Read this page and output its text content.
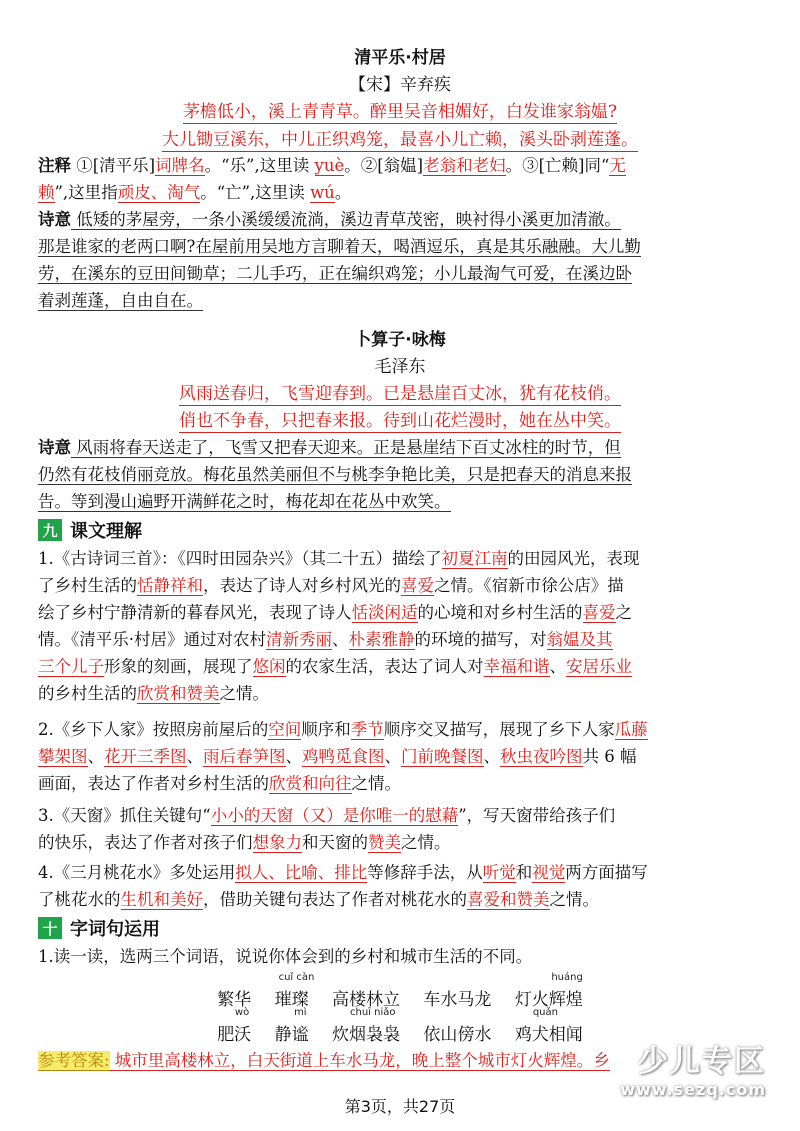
清平乐·村居
【宋】辛弃疾
茅檐低小，溪上青青草。醉里吴音相媚好，白发谁家翁媪?
大儿锄豆溪东，中儿正织鸡笼，最喜小儿亡赖，溪头卧剥莲蓬。
注释 ①[清平乐]词牌名。“乐”,这里读 yuè。②[翁媪]老翁和老妇。③[亡赖]同“无
赖”,这里指顽皮、淘气。“亡”,这里读 wú。
诗意 低矮的茅屋旁，一条小溪缓缓流淌，溪边青草茂密，映衬得小溪更加清澈。
那是谁家的老两口啊?在屋前用吴地方言聊着天，喝酒逗乐，真是其乐融融。大儿勤
劳，在溪东的豆田间锄草；二儿手巧，正在编织鸡笼；小儿最淘气可爱，在溪边卧
着剥莲蓬，自由自在。
卜算子·咏梅
毛泽东
风雨送春归，飞雪迎春到。已是悬崖百丈冰，犹有花枝俏。
俏也不争春，只把春来报。待到山花烂漫时，她在丛中笑。
诗意 风雨将春天送走了，飞雪又把春天迎来。正是悬崖结下百丈冰柱的时节，但
仍然有花枝俏丽竞放。梅花虽然美丽但不与桃李争艳比美，只是把春天的消息来报
告。等到漫山遍野开满鲜花之时，梅花却在花丛中欢笑。
九 课文理解
1.《古诗词三首》：《四时田园杂兴》（其二十五）描绘了初夏江南的田园风光，表现
了乡村生活的恬静祥和，表达了诗人对乡村风光的喜爱之情。《宿新市徐公店》描
绘了乡村宁静清新的暮春风光，表现了诗人恬淡闲适的心境和对乡村生活的喜爱之
情。《清平乐·村居》通过对农村清新秀丽、朴素雅静的环境的描写，对翁媪及其
三个儿子形象的刻画，展现了悠闲的农家生活，表达了词人对幸福和谐、安居乐业
的乡村生活的欣赏和赞美之情。
2.《乡下人家》按照房前屋后的空间顺序和季节顺序交叉描写，展现了乡下人家瓜藤
攀架图、花开三季图、雨后春笋图、鸡鸭觅食图、门前晚餐图、秋虫夜吟图共 6 幅
画面，表达了作者对乡村生活的欣赏和向往之情。
3.《天窗》抓住关键句“小小的天窗（又）是你唯一的慰藉”，写天窗带给孩子们
的快乐，表达了作者对孩子们想象力和天窗的赞美之情。
4.《三月桃花水》多处运用拟人、比喻、排比等修辞手法，从听觉和视觉两方面描写
了桃花水的生机和美好，借助关键句表达了作者对桃花水的喜爱和赞美之情。
十 字词句运用
1.读一读，选两三个词语，说说你体会到的乡村和城市生活的不同。
繁华
cuǐ càn
璀璨 高楼林立 车水马龙
huáng
灯火辉煌
wò
肥沃
mì
静谧
chuī niǎo
炊烟袅袅 依山傍水
quǎn
鸡犬相闻
参考答案: 城市里高楼林立，白天街道上车水马龙，晚上整个城市灯火辉煌。乡 少儿专区
www.sezq.com
第3页，共27页
